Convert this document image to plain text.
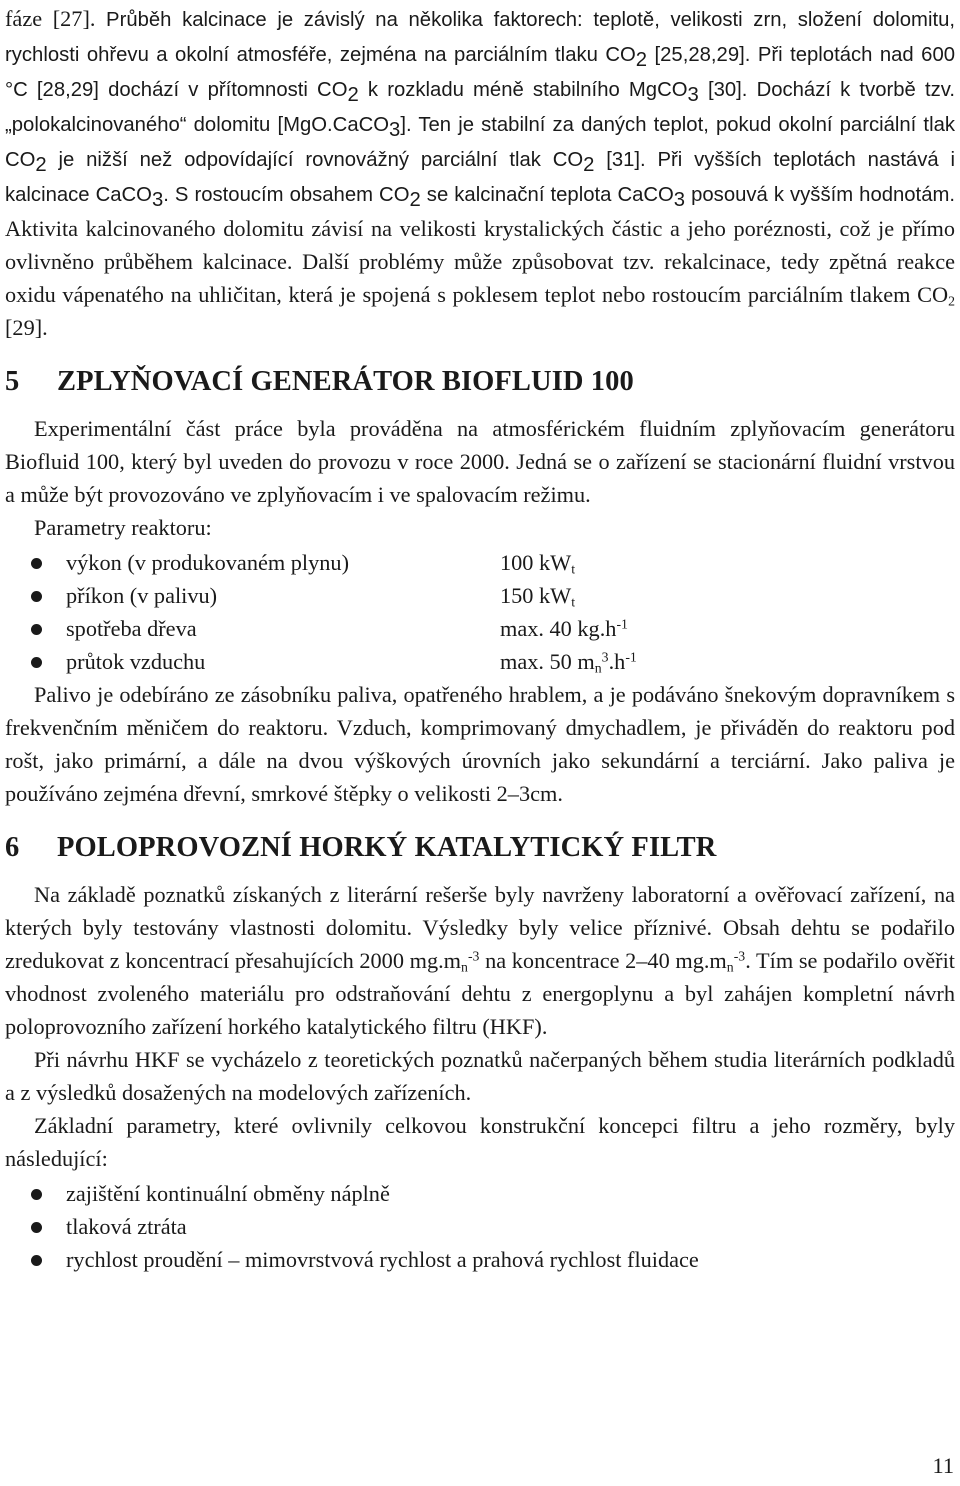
fáze [27]. Průběh kalcinace je závislý na několika faktorech: teplotě, velikosti zrn, složení dolomitu, rychlosti ohřevu a okolní atmosféře, zejména na parciálním tlaku $CO_2$ [25,28,29]. Při teplotách nad 600 °C [28,29] dochází v přítomnosti $CO_2$ k rozkladu méně stabilního MgCO$_3$ [30]. Dochází k tvorbě tzv. „polokalcinovaného“ dolomitu [MgO.CaCO$_3$]. Ten je stabilní za daných teplot, pokud okolní parciální tlak $CO_2$ je nižší než odpovídající rovnovážný parciální tlak $CO_2$ [31]. Při vyšších teplotách nastává i kalcinace CaCO$_3$. S rostoucím obsahem $CO_2$ se kalcinační teplota CaCO$_3$ posouvá k vyšším hodnotám. Aktivita kalcinovaného dolomitu závisí na velikosti krystalických částic a jeho poréznosti, což je přímo ovlivněno průběhem kalcinace. Další problémy může způsobovat tzv. rekalcinace, tedy zpětná reakce oxidu vápenatého na uhličitan, která je spojená s poklesem teplot nebo rostoucím parciálním tlakem $CO_2$ [29].

5 ZPLYŇOVACÍ GENERÁTOR BIOFLUID 100

Experimentální část práce byla prováděna na atmosférickém fluidním zplyňovacím generátoru Biofluid 100, který byl uveden do provozu v roce 2000. Jedná se o zařízení se stacionární fluidní vrstvou a může být provozováno ve zplyňovacím i ve spalovacím režimu.

Parametry reaktoru:

výkon (v produkovaném plynu)	100 $kW_t$
příkon (v palivu)	150 $kW_t$
spotřeba dřeva	max. 40 $kg.h^{-1}$
průtok vzduchu	max. 50 $m_n^3.h^{-1}$

Palivo je odebíráno ze zásobníku paliva, opatřeného hrablem, a je podáváno šnekovým dopravníkem s frekvenčním měničem do reaktoru. Vzduch, komprimovaný dmychadlem, je přiváděn do reaktoru pod rošt, jako primární, a dále na dvou výškových úrovních jako sekundární a terciární. Jako paliva je používáno zejména dřevní, smrkové štěpky o velikosti 2–3cm.

6 POLOPROVOZNÍ HORKÝ KATALYTICKÝ FILTR

Na základě poznatků získaných z literární rešerše byly navrženy laboratorní a ověřovací zařízení, na kterých byly testovány vlastnosti dolomitu. Výsledky byly velice příznivé. Obsah dehtu se podařilo zredukovat z koncentrací přesahujících 2000 $mg.m_n^{-3}$ na koncentrace 2–40 $mg.m_n^{-3}$. Tím se podařilo ověřit vhodnost zvoleného materiálu pro odstraňování dehtu z energoplynu a byl zahájen kompletní návrh poloprovozního zařízení horkého katalytického filtru (HKF).

Při návrhu HKF se vycházelo z teoretických poznatků načerpaných během studia literárních podkladů a z výsledků dosažených na modelových zařízeních.

Základní parametry, které ovlivnily celkovou konstrukční koncepci filtru a jeho rozměry, byly následující:

zajištění kontinuální obměny náplně
tlaková ztráta
rychlost proudění – mimovrstvová rychlost a prahová rychlost fluidace
11
